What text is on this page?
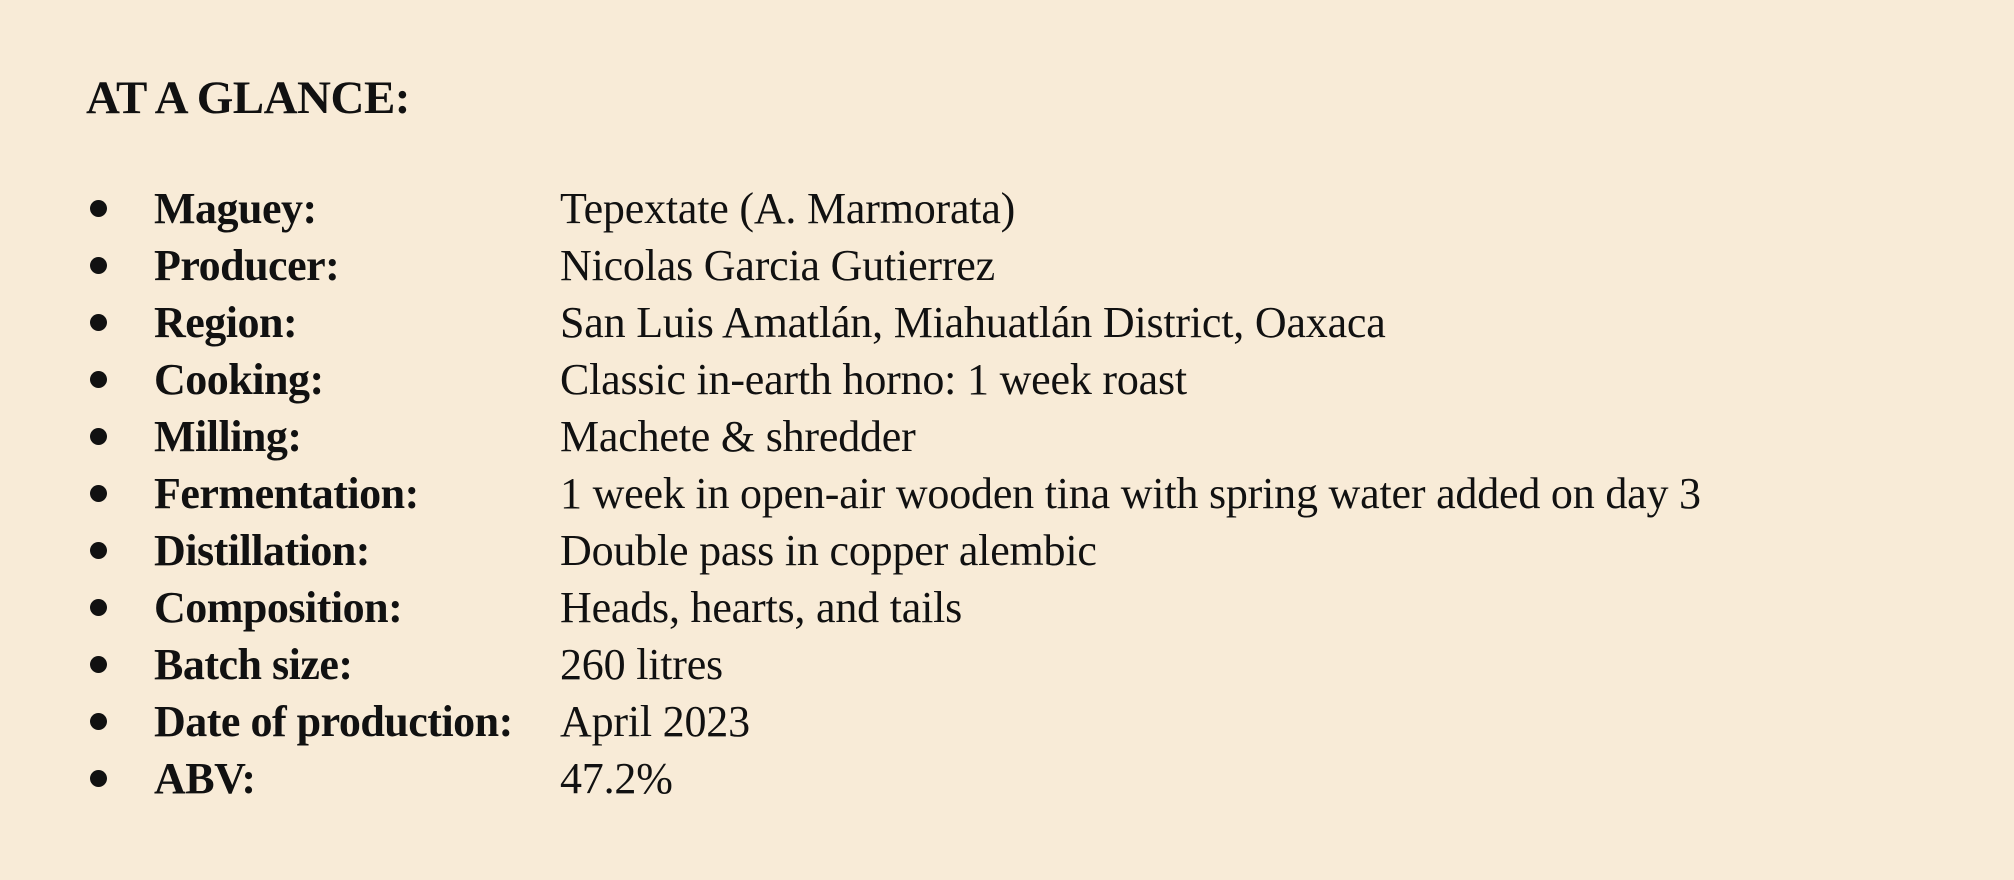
AT A GLANCE:
Maguey:	Tepextate (A. Marmorata)
Producer:	Nicolas Garcia Gutierrez
Region:	San Luis Amatlán, Miahuatlán District, Oaxaca
Cooking:	Classic in-earth horno: 1 week roast
Milling:	Machete & shredder
Fermentation:	1 week in open-air wooden tina with spring water added on day 3
Distillation:	Double pass in copper alembic
Composition:	Heads, hearts, and tails
Batch size:	260 litres
Date of production: April 2023
ABV:	47.2%
